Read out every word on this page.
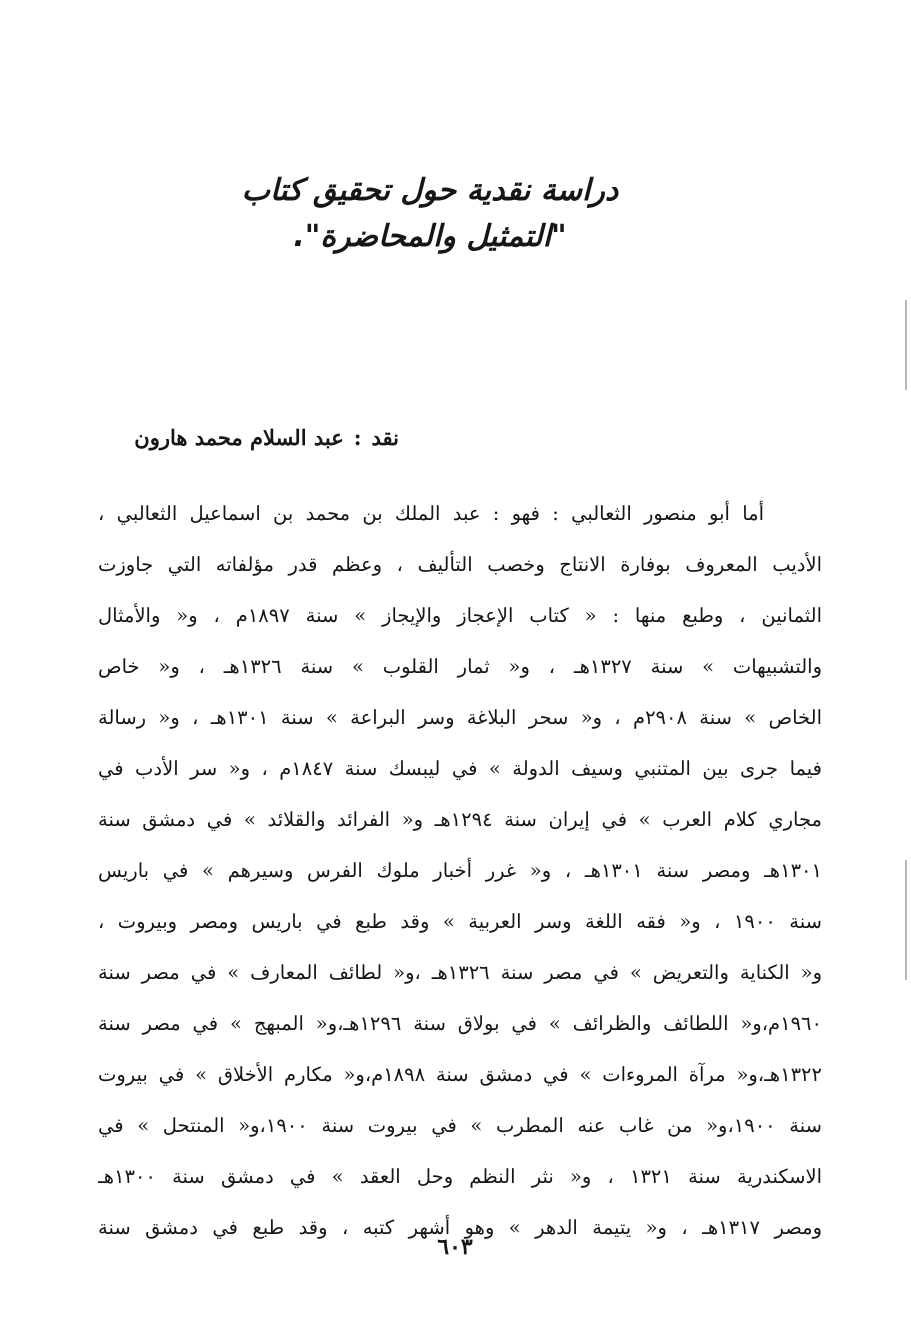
دراسة نقدية حول تحقيق كتاب
"التمثيل والمحاضرة".
نقد:عبد السلام محمد هارون
أما أبو منصور الثعالبي : فهو : عبد الملك بن محمد بن اسماعيل الثعالبي ،
الأديب المعروف بوفارة الانتاج وخصب التأليف ، وعظم قدر مؤلفاته التي جاوزت
الثمانين ، وطبع منها : « كتاب الإعجاز والإيجاز » سنة ١٨٩٧م ، و« والأمثال
والتشبيهات » سنة ١٣٢٧هـ ، و« ثمار القلوب » سنة ١٣٢٦هـ ، و« خاص
الخاص » سنة ٢٩٠٨م ، و« سحر البلاغة وسر البراعة » سنة ١٣٠١هـ ، و« رسالة
فيما جرى بين المتنبي وسيف الدولة » في ليبسك سنة ١٨٤٧م ، و« سر الأدب في
مجاري كلام العرب » في إيران سنة ١٢٩٤هـ و« الفرائد والقلائد » في دمشق سنة
١٣٠١هـ ومصر سنة ١٣٠١هـ ، و« غرر أخبار ملوك الفرس وسيرهم » في باريس
سنة ١٩٠٠ ، و« فقه اللغة وسر العربية » وقد طبع في باريس ومصر وبيروت ،
و« الكناية والتعريض » في مصر سنة ١٣٢٦هـ ،و« لطائف المعارف » في مصر سنة
١٩٦٠م،و« اللطائف والظرائف » في بولاق سنة ١٢٩٦هـ،و« المبهج » في مصر سنة
١٣٢٢هـ،و« مرآة المروءات » في دمشق سنة ١٨٩٨م،و« مكارم الأخلاق » في بيروت
سنة ١٩٠٠،و« من غاب عنه المطرب » في بيروت سنة ١٩٠٠،و« المنتحل » في
الاسكندرية سنة ١٣٢١ ، و« نثر النظم وحل العقد » في دمشق سنة ١٣٠٠هـ
ومصر ١٣١٧هـ ، و« يتيمة الدهر » وهو أشهر كتبه ، وقد طبع في دمشق سنة
٦٠٣
